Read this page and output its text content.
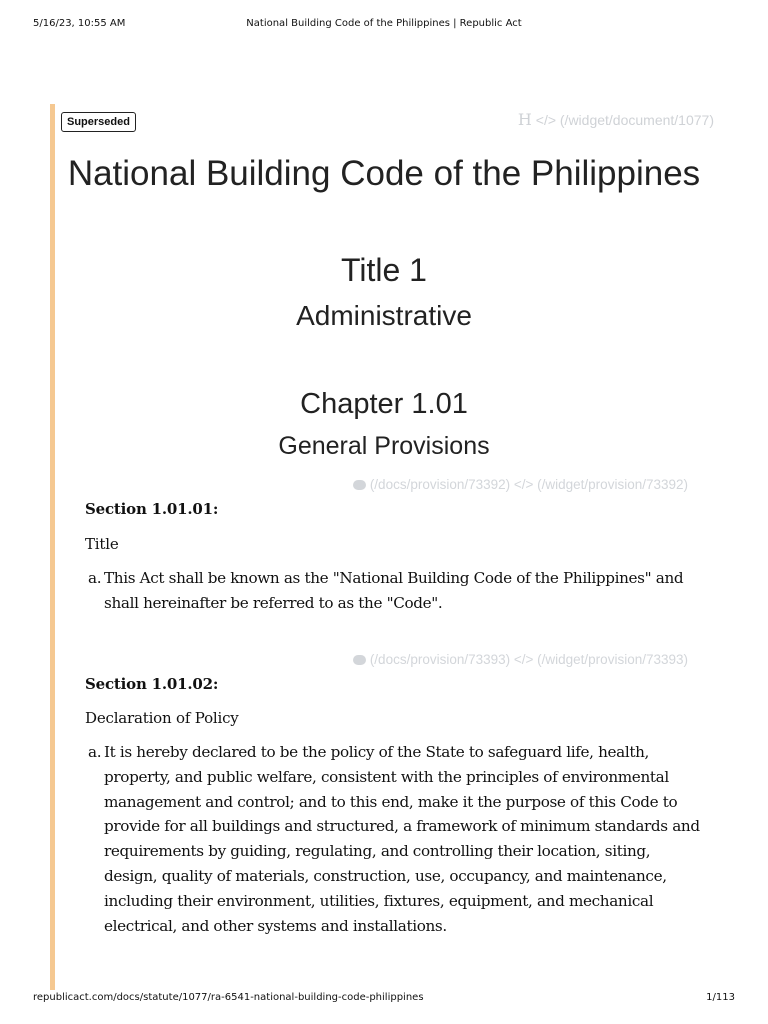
5/16/23, 10:55 AM	National Building Code of the Philippines | Republic Act
Superseded	H </> (/widget/document/1077)
National Building Code of the Philippines
Title 1
Administrative
Chapter 1.01
General Provisions
(/docs/provision/73392) </> (/widget/provision/73392)
Section 1.01.01:
Title
a. This Act shall be known as the "National Building Code of the Philippines" and shall hereinafter be referred to as the "Code".
(/docs/provision/73393) </> (/widget/provision/73393)
Section 1.01.02:
Declaration of Policy
a. It is hereby declared to be the policy of the State to safeguard life, health, property, and public welfare, consistent with the principles of environmental management and control; and to this end, make it the purpose of this Code to provide for all buildings and structured, a framework of minimum standards and requirements by guiding, regulating, and controlling their location, siting, design, quality of materials, construction, use, occupancy, and maintenance, including their environment, utilities, fixtures, equipment, and mechanical electrical, and other systems and installations.
republicact.com/docs/statute/1077/ra-6541-national-building-code-philippines	1/113
